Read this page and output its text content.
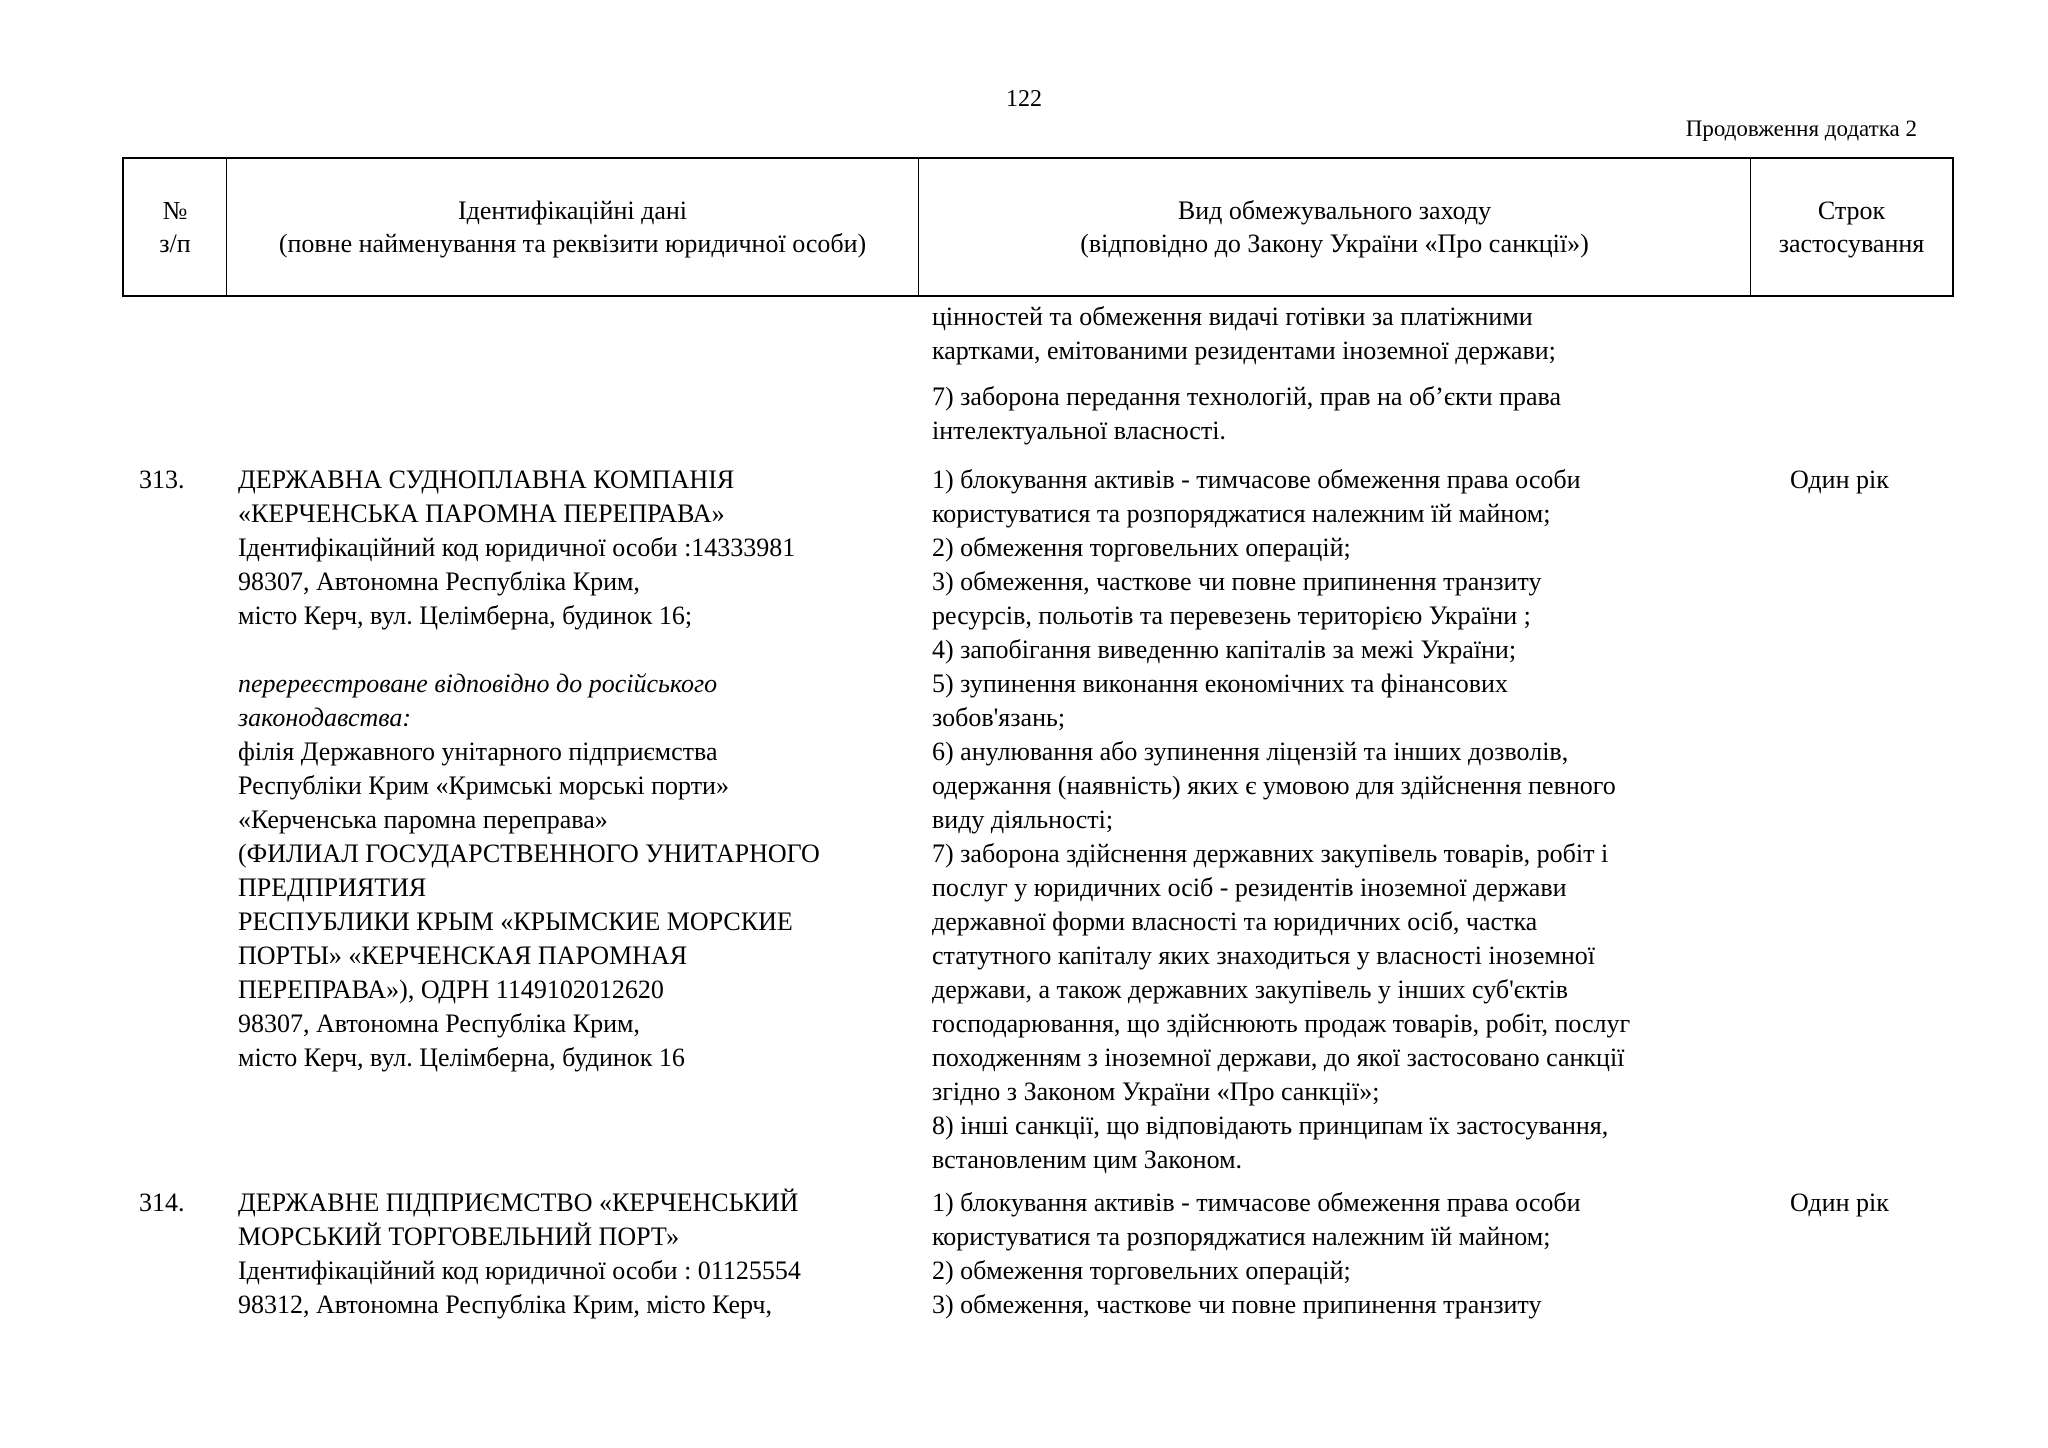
122
Продовження додатка 2
№
з/п
Ідентифікаційні дані
(повне найменування та реквізити юридичної особи)
Вид обмежувального заходу
(відповідно до Закону України «Про санкції»)
Строк
застосування
цінностей та обмеження видачі готівки за платіжними
картками, емітованими резидентами іноземної держави;
7) заборона передання технологій, прав на об’єкти права
інтелектуальної власності.
313. ДЕРЖАВНА СУДНОПЛАВНА КОМПАНІЯ
«КЕРЧЕНСЬКА ПАРОМНА ПЕРЕПРАВА»
Ідентифікаційний код юридичної особи :14333981
98307, Автономна Республіка Крим,
місто Керч, вул. Целімберна, будинок 16;
перереєстроване відповідно до російського
законодавства:
філія Державного унітарного підприємства
Республіки Крим «Кримські морські порти»
«Керченська паромна переправа»
(ФИЛИАЛ ГОСУДАРСТВЕННОГО УНИТАРНОГО
ПРЕДПРИЯТИЯ
РЕСПУБЛИКИ КРЫМ «КРЫМСКИЕ МОРСКИЕ
ПОРТЫ» «КЕРЧЕНСКАЯ ПАРОМНАЯ
ПЕРЕПРАВА»), ОДРН 1149102012620
98307, Автономна Республіка Крим,
місто Керч, вул. Целімберна, будинок 16
1) блокування активів - тимчасове обмеження права особи
користуватися та розпоряджатися належним їй майном;
2) обмеження торговельних операцій;
3) обмеження, часткове чи повне припинення транзиту
ресурсів, польотів та перевезень територією України ;
4) запобігання виведенню капіталів за межі України;
5) зупинення виконання економічних та фінансових
зобов'язань;
6) анулювання або зупинення ліцензій та інших дозволів,
одержання (наявність) яких є умовою для здійснення певного
виду діяльності;
7) заборона здійснення державних закупівель товарів, робіт і
послуг у юридичних осіб - резидентів іноземної держави
державної форми власності та юридичних осіб, частка
статутного капіталу яких знаходиться у власності іноземної
держави, а також державних закупівель у інших суб'єктів
господарювання, що здійснюють продаж товарів, робіт, послуг
походженням з іноземної держави, до якої застосовано санкції
згідно з Законом України «Про санкції»;
8) інші санкції, що відповідають принципам їх застосування,
встановленим цим Законом.
Один рік
314. ДЕРЖАВНЕ ПІДПРИЄМСТВО «КЕРЧЕНСЬКИЙ
МОРСЬКИЙ ТОРГОВЕЛЬНИЙ ПОРТ»
Ідентифікаційний код юридичної особи : 01125554
98312, Автономна Республіка Крим, місто Керч,
1) блокування активів - тимчасове обмеження права особи
користуватися та розпоряджатися належним їй майном;
2) обмеження торговельних операцій;
3) обмеження, часткове чи повне припинення транзиту
Один рік
